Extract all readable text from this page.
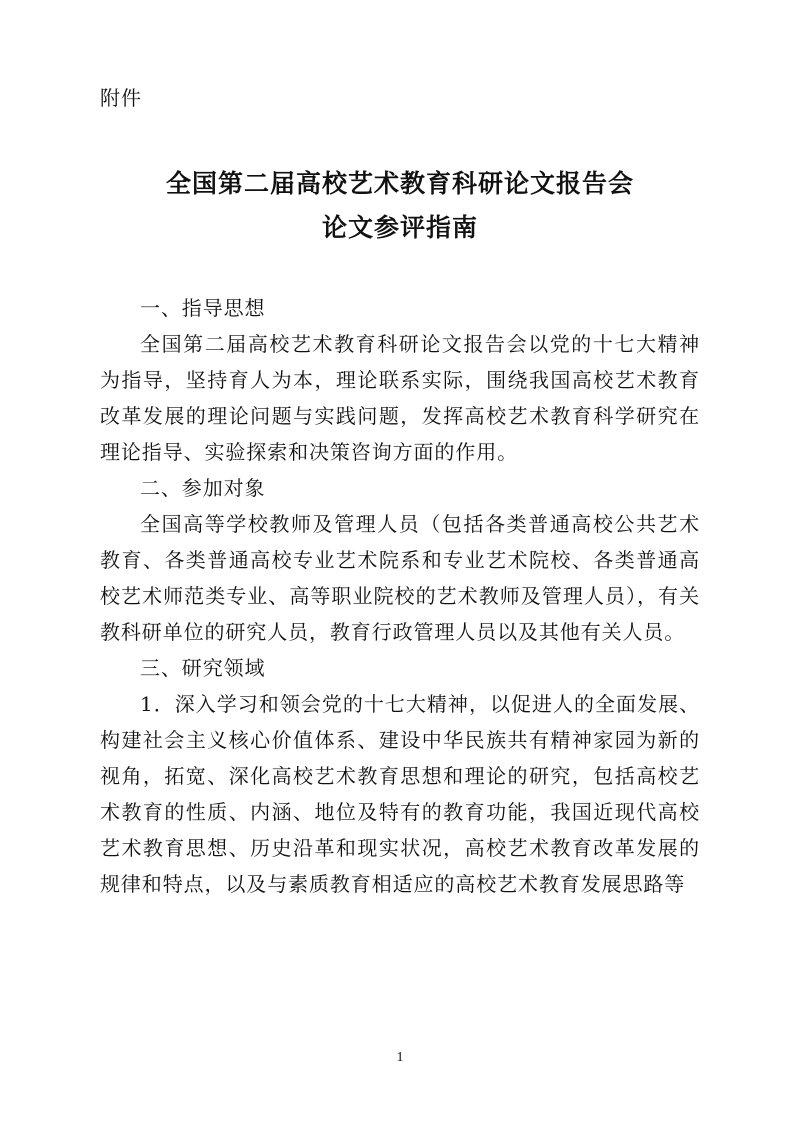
附件
全国第二届高校艺术教育科研论文报告会
论文参评指南

一、指导思想

全国第二届高校艺术教育科研论文报告会以党的十七大精神为指导，坚持育人为本，理论联系实际，围绕我国高校艺术教育改革发展的理论问题与实践问题，发挥高校艺术教育科学研究在理论指导、实验探索和决策咨询方面的作用。

二、参加对象

全国高等学校教师及管理人员（包括各类普通高校公共艺术教育、各类普通高校专业艺术院系和专业艺术院校、各类普通高校艺术师范类专业、高等职业院校的艺术教师及管理人员），有关教科研单位的研究人员，教育行政管理人员以及其他有关人员。

三、研究领域

1．深入学习和领会党的十七大精神，以促进人的全面发展、构建社会主义核心价值体系、建设中华民族共有精神家园为新的视角，拓宽、深化高校艺术教育思想和理论的研究，包括高校艺术教育的性质、内涵、地位及特有的教育功能，我国近现代高校艺术教育思想、历史沿革和现实状况，高校艺术教育改革发展的规律和特点，以及与素质教育相适应的高校艺术教育发展思路等

1
